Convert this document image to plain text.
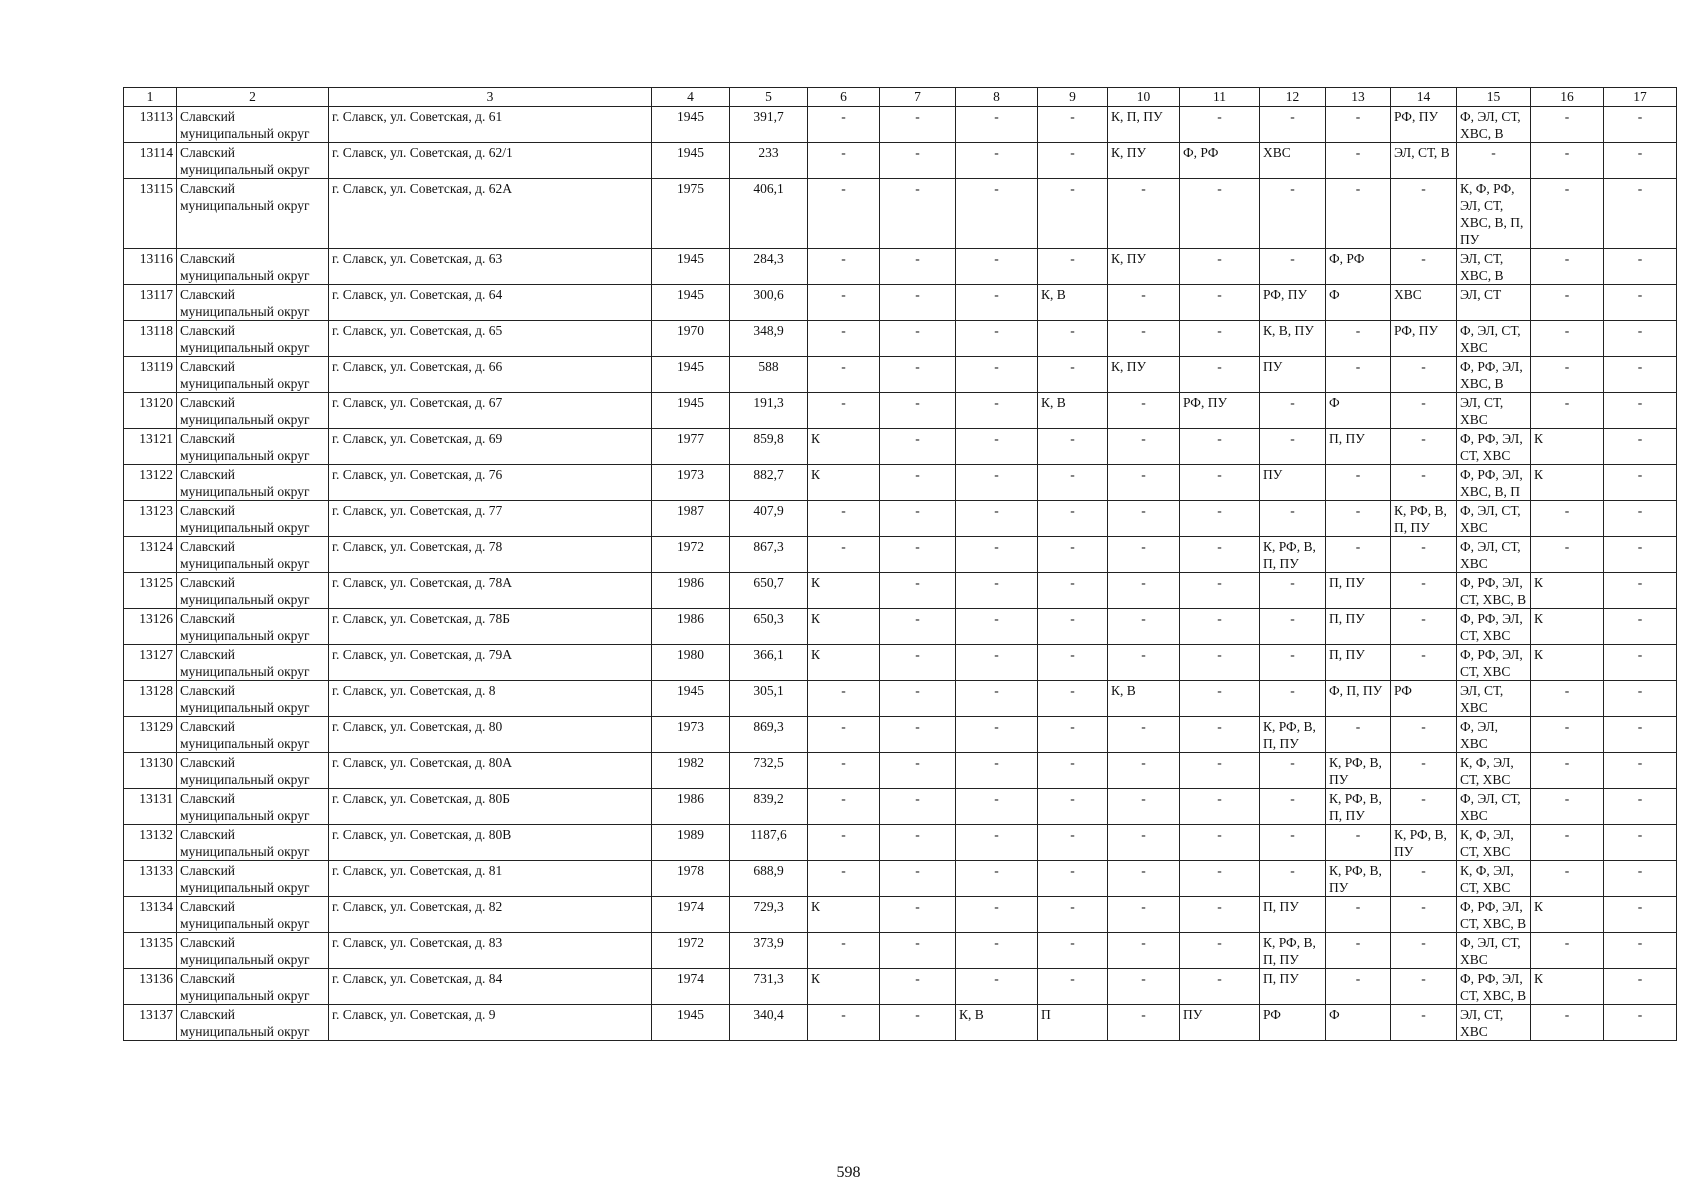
1	2	3	4	5	6	7	8	9	10	11	12	13	14	15	16	17
13113	Славский муниципальный округ	г. Славск, ул. Советская, д. 61	1945	391,7	-	-	-	-	К, П, ПУ	-	-	-	РФ, ПУ	Ф, ЭЛ, СТ, ХВС, В	-	-
13114	Славский муниципальный округ	г. Славск, ул. Советская, д. 62/1	1945	233	-	-	-	-	К, ПУ	Ф, РФ	ХВС	-	ЭЛ, СТ, В	-	-	-
13115	Славский муниципальный округ	г. Славск, ул. Советская, д. 62А	1975	406,1	-	-	-	-	-	-	-	-	-	К, Ф, РФ, ЭЛ, СТ, ХВС, В, П, ПУ	-	-
13116	Славский муниципальный округ	г. Славск, ул. Советская, д. 63	1945	284,3	-	-	-	-	К, ПУ	-	-	Ф, РФ	-	ЭЛ, СТ, ХВС, В	-	-
13117	Славский муниципальный округ	г. Славск, ул. Советская, д. 64	1945	300,6	-	-	-	К, В	-	-	РФ, ПУ	Ф	ХВС	ЭЛ, СТ	-	-
13118	Славский муниципальный округ	г. Славск, ул. Советская, д. 65	1970	348,9	-	-	-	-	-	-	К, В, ПУ	-	РФ, ПУ	Ф, ЭЛ, СТ, ХВС	-	-
13119	Славский муниципальный округ	г. Славск, ул. Советская, д. 66	1945	588	-	-	-	-	К, ПУ	-	ПУ	-	-	Ф, РФ, ЭЛ, ХВС, В	-	-
13120	Славский муниципальный округ	г. Славск, ул. Советская, д. 67	1945	191,3	-	-	-	К, В	-	РФ, ПУ	-	Ф	-	ЭЛ, СТ, ХВС	-	-
13121	Славский муниципальный округ	г. Славск, ул. Советская, д. 69	1977	859,8	К	-	-	-	-	-	-	П, ПУ	-	Ф, РФ, ЭЛ, СТ, ХВС	К	-
13122	Славский муниципальный округ	г. Славск, ул. Советская, д. 76	1973	882,7	К	-	-	-	-	-	ПУ	-	-	Ф, РФ, ЭЛ, ХВС, В, П	К	-
13123	Славский муниципальный округ	г. Славск, ул. Советская, д. 77	1987	407,9	-	-	-	-	-	-	-	-	К, РФ, В, П, ПУ	Ф, ЭЛ, СТ, ХВС	-	-
13124	Славский муниципальный округ	г. Славск, ул. Советская, д. 78	1972	867,3	-	-	-	-	-	-	К, РФ, В, П, ПУ	-	-	Ф, ЭЛ, СТ, ХВС	-	-
13125	Славский муниципальный округ	г. Славск, ул. Советская, д. 78А	1986	650,7	К	-	-	-	-	-	-	П, ПУ	-	Ф, РФ, ЭЛ, СТ, ХВС, В	К	-
13126	Славский муниципальный округ	г. Славск, ул. Советская, д. 78Б	1986	650,3	К	-	-	-	-	-	-	П, ПУ	-	Ф, РФ, ЭЛ, СТ, ХВС	К	-
13127	Славский муниципальный округ	г. Славск, ул. Советская, д. 79А	1980	366,1	К	-	-	-	-	-	-	П, ПУ	-	Ф, РФ, ЭЛ, СТ, ХВС	К	-
13128	Славский муниципальный округ	г. Славск, ул. Советская, д. 8	1945	305,1	-	-	-	-	К, В	-	-	Ф, П, ПУ	РФ	ЭЛ, СТ, ХВС	-	-
13129	Славский муниципальный округ	г. Славск, ул. Советская, д. 80	1973	869,3	-	-	-	-	-	-	К, РФ, В, П, ПУ	-	-	Ф, ЭЛ, ХВС	-	-
13130	Славский муниципальный округ	г. Славск, ул. Советская, д. 80А	1982	732,5	-	-	-	-	-	-	-	К, РФ, В, ПУ	-	К, Ф, ЭЛ, СТ, ХВС	-	-
13131	Славский муниципальный округ	г. Славск, ул. Советская, д. 80Б	1986	839,2	-	-	-	-	-	-	-	К, РФ, В, П, ПУ	-	Ф, ЭЛ, СТ, ХВС	-	-
13132	Славский муниципальный округ	г. Славск, ул. Советская, д. 80В	1989	1187,6	-	-	-	-	-	-	-	-	К, РФ, В, ПУ	К, Ф, ЭЛ, СТ, ХВС	-	-
13133	Славский муниципальный округ	г. Славск, ул. Советская, д. 81	1978	688,9	-	-	-	-	-	-	-	К, РФ, В, ПУ	-	К, Ф, ЭЛ, СТ, ХВС	-	-
13134	Славский муниципальный округ	г. Славск, ул. Советская, д. 82	1974	729,3	К	-	-	-	-	-	П, ПУ	-	-	Ф, РФ, ЭЛ, СТ, ХВС, В	К	-
13135	Славский муниципальный округ	г. Славск, ул. Советская, д. 83	1972	373,9	-	-	-	-	-	-	К, РФ, В, П, ПУ	-	-	Ф, ЭЛ, СТ, ХВС	-	-
13136	Славский муниципальный округ	г. Славск, ул. Советская, д. 84	1974	731,3	К	-	-	-	-	-	П, ПУ	-	-	Ф, РФ, ЭЛ, СТ, ХВС, В	К	-
13137	Славский муниципальный округ	г. Славск, ул. Советская, д. 9	1945	340,4	-	-	К, В	П	-	ПУ	РФ	Ф	-	ЭЛ, СТ, ХВС	-	-
598
